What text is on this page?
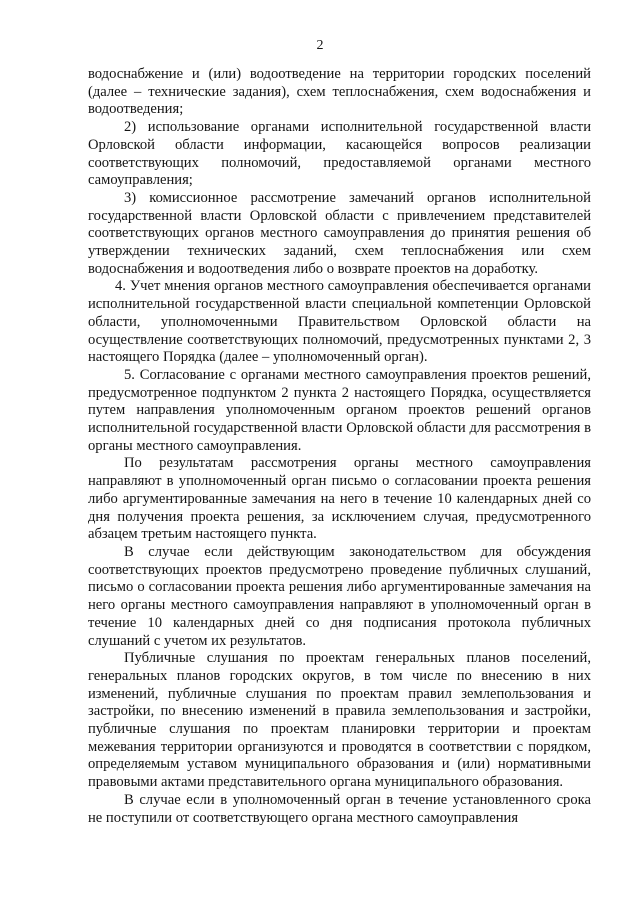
2

водоснабжение и (или) водоотведение на территории городских поселений (далее – технические задания), схем теплоснабжения, схем водоснабжения и водоотведения;

2) использование органами исполнительной государственной власти Орловской области информации, касающейся вопросов реализации соответствующих полномочий, предоставляемой органами местного самоуправления;

3) комиссионное рассмотрение замечаний органов исполнительной государственной власти Орловской области с привлечением представителей соответствующих органов местного самоуправления до принятия решения об утверждении технических заданий, схем теплоснабжения или схем водоснабжения и водоотведения либо о возврате проектов на доработку.

4. Учет мнения органов местного самоуправления обеспечивается органами исполнительной государственной власти специальной компетенции Орловской области, уполномоченными Правительством Орловской области на осуществление соответствующих полномочий, предусмотренных пунктами 2, 3 настоящего Порядка (далее – уполномоченный орган).

5. Согласование с органами местного самоуправления проектов решений, предусмотренное подпунктом 2 пункта 2 настоящего Порядка, осуществляется путем направления уполномоченным органом проектов решений органов исполнительной государственной власти Орловской области для рассмотрения в органы местного самоуправления.

По результатам рассмотрения органы местного самоуправления направляют в уполномоченный орган письмо о согласовании проекта решения либо аргументированные замечания на него в течение 10 календарных дней со дня получения проекта решения, за исключением случая, предусмотренного абзацем третьим настоящего пункта.

В случае если действующим законодательством для обсуждения соответствующих проектов предусмотрено проведение публичных слушаний, письмо о согласовании проекта решения либо аргументированные замечания на него органы местного самоуправления направляют в уполномоченный орган в течение 10 календарных дней со дня подписания протокола публичных слушаний с учетом их результатов.

Публичные слушания по проектам генеральных планов поселений, генеральных планов городских округов, в том числе по внесению в них изменений, публичные слушания по проектам правил землепользования и застройки, по внесению изменений в правила землепользования и застройки, публичные слушания по проектам планировки территории и проектам межевания территории организуются и проводятся в соответствии с порядком, определяемым уставом муниципального образования и (или) нормативными правовыми актами представительного органа муниципального образования.

В случае если в уполномоченный орган в течение установленного срока не поступили от соответствующего органа местного самоуправления
